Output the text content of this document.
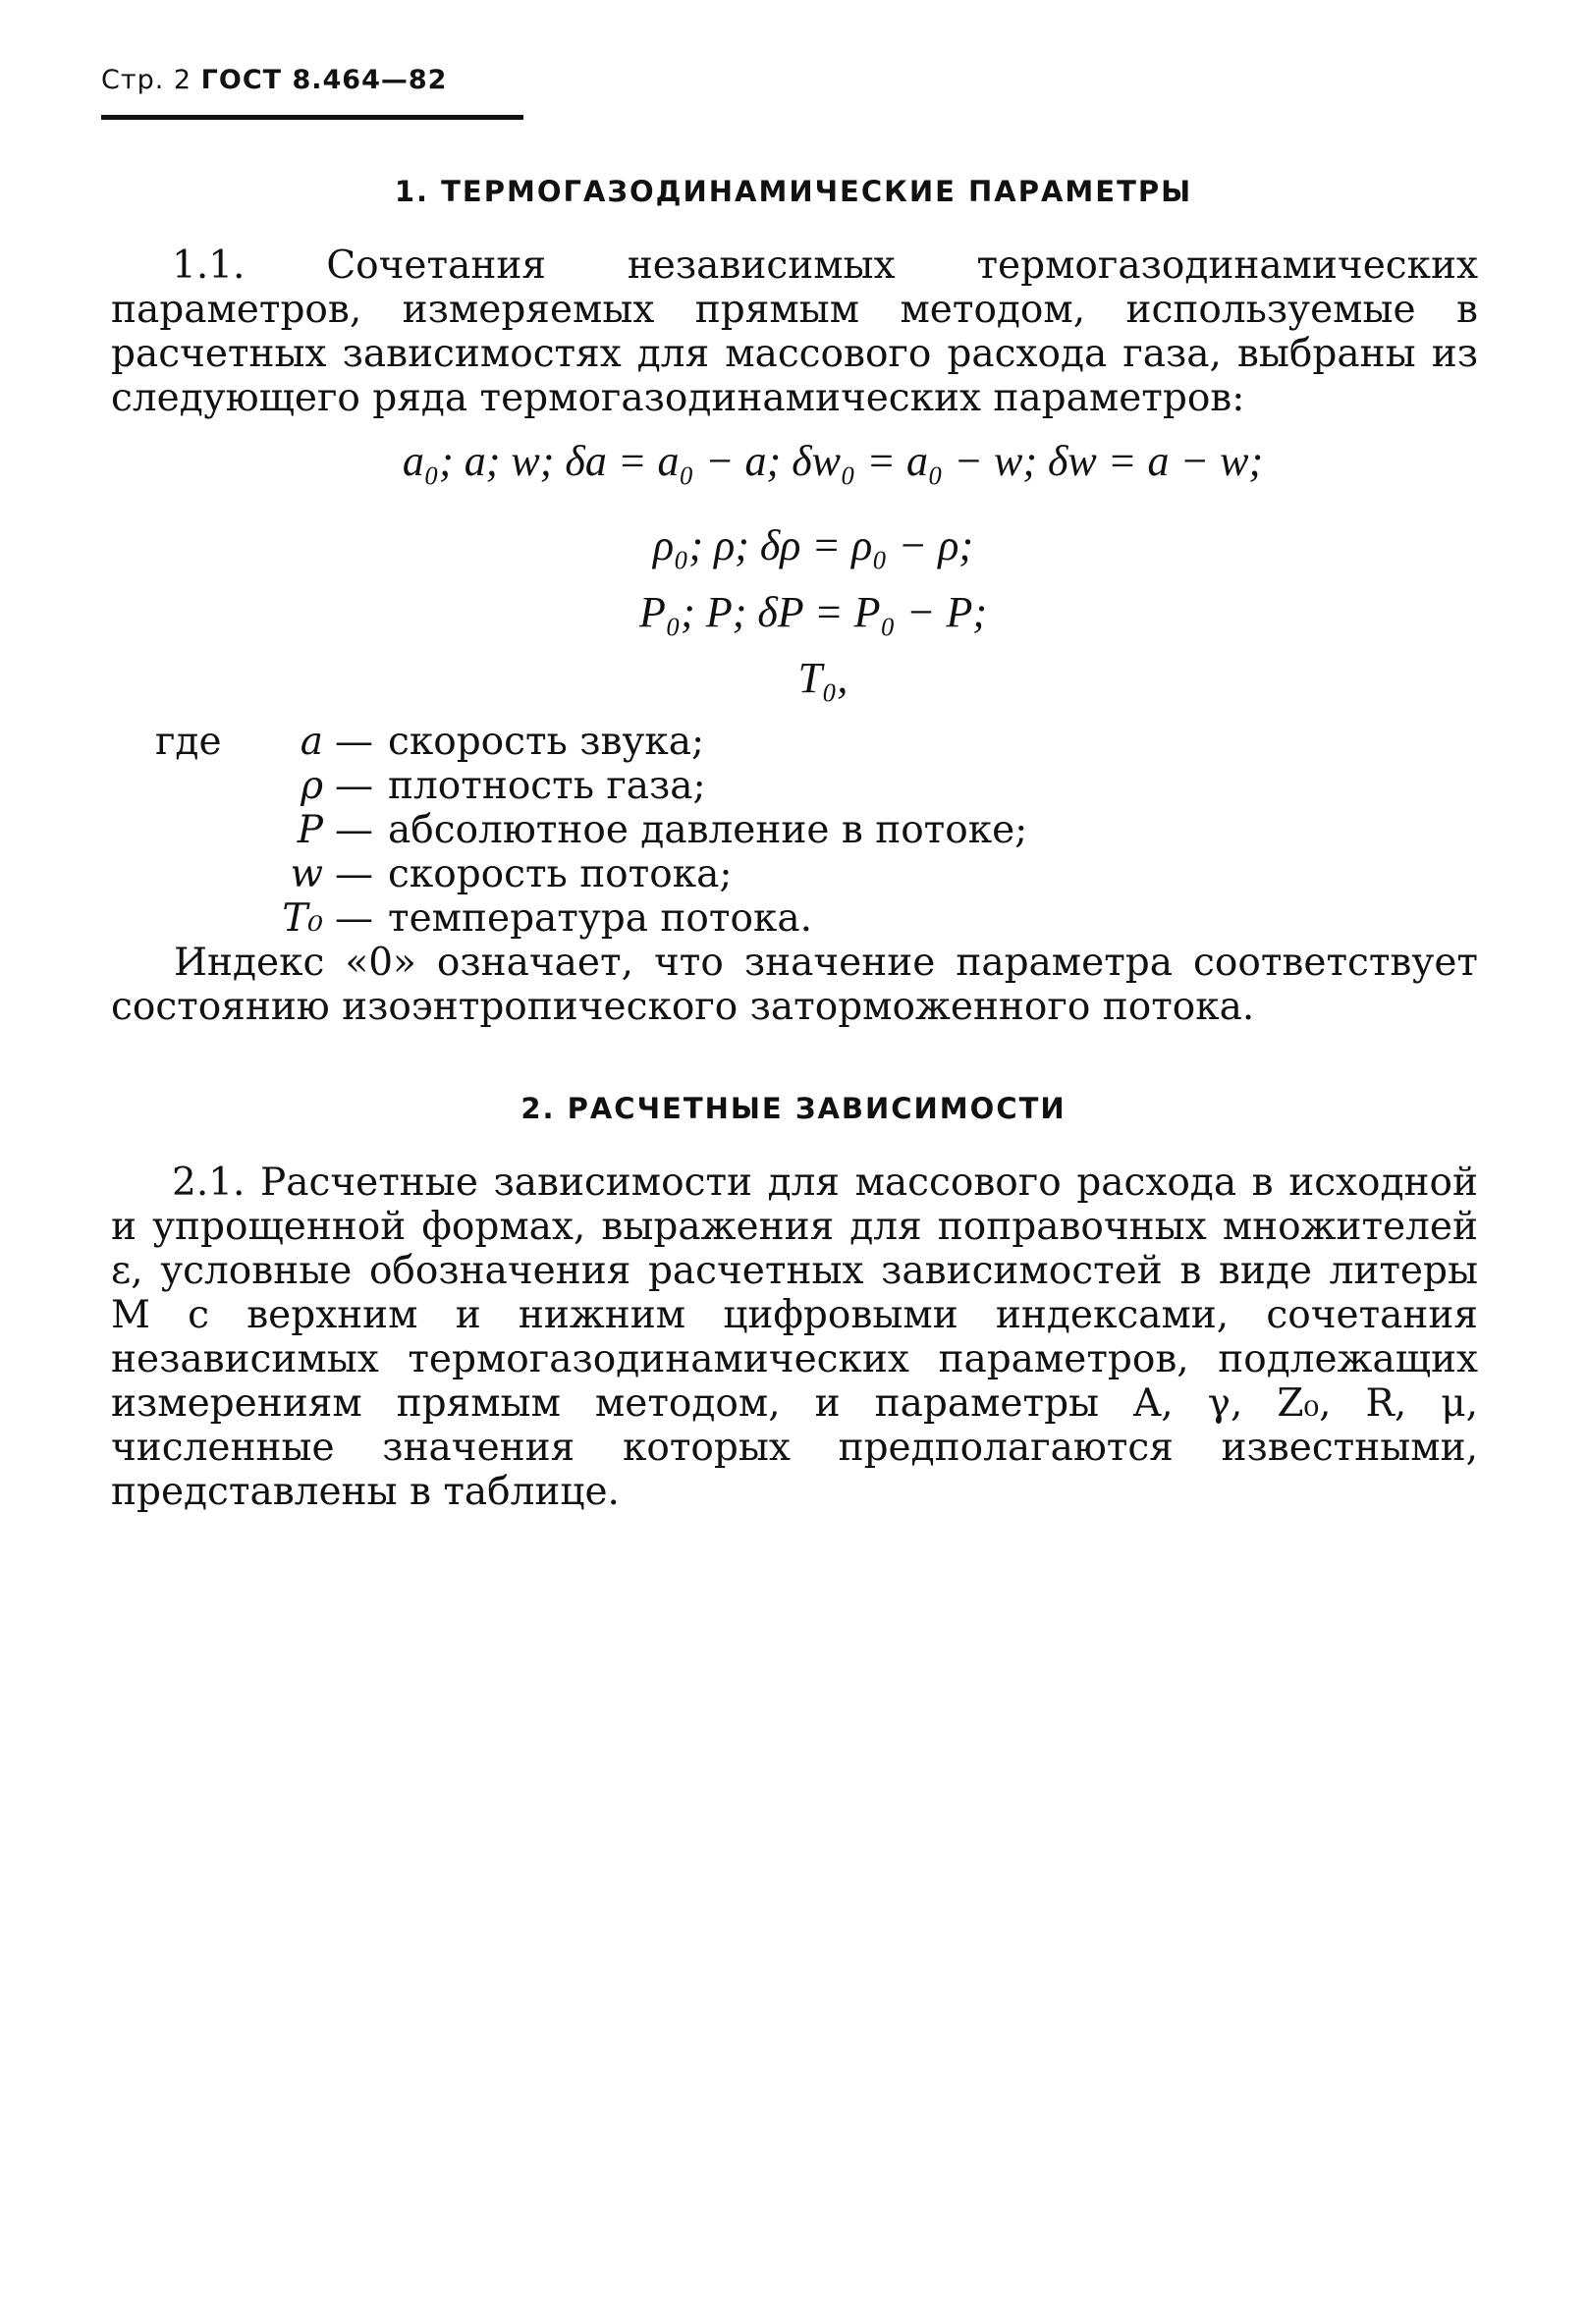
Стр. 2 ГОСТ 8.464—82
1. ТЕРМОГАЗОДИНАМИЧЕСКИЕ ПАРАМЕТРЫ
1.1. Сочетания независимых термогазодинамических параметров, измеряемых прямым методом, используемые в расчетных зависимостях для массового расхода газа, выбраны из следующего ряда термогазодинамических параметров:
a₀; a; w; δa = a₀ − a; δw₀ = a₀ − w; δw = a − w;
ρ₀; ρ; δρ = ρ₀ − ρ;
P₀; P; δP = P₀ − P;
T₀,
где a — скорость звука;
ρ — плотность газа;
P — абсолютное давление в потоке;
w — скорость потока;
T₀ — температура потока.
Индекс «0» означает, что значение параметра соответствует состоянию изоэнтропического заторможенного потока.
2. РАСЧЕТНЫЕ ЗАВИСИМОСТИ
2.1. Расчетные зависимости для массового расхода в исходной и упрощенной формах, выражения для поправочных множителей ε, условные обозначения расчетных зависимостей в виде литеры M с верхним и нижним цифровыми индексами, сочетания независимых термогазодинамических параметров, подлежащих измерениям прямым методом, и параметры A, γ, Z₀, R, μ, численные значения которых предполагаются известными, представлены в таблице.
